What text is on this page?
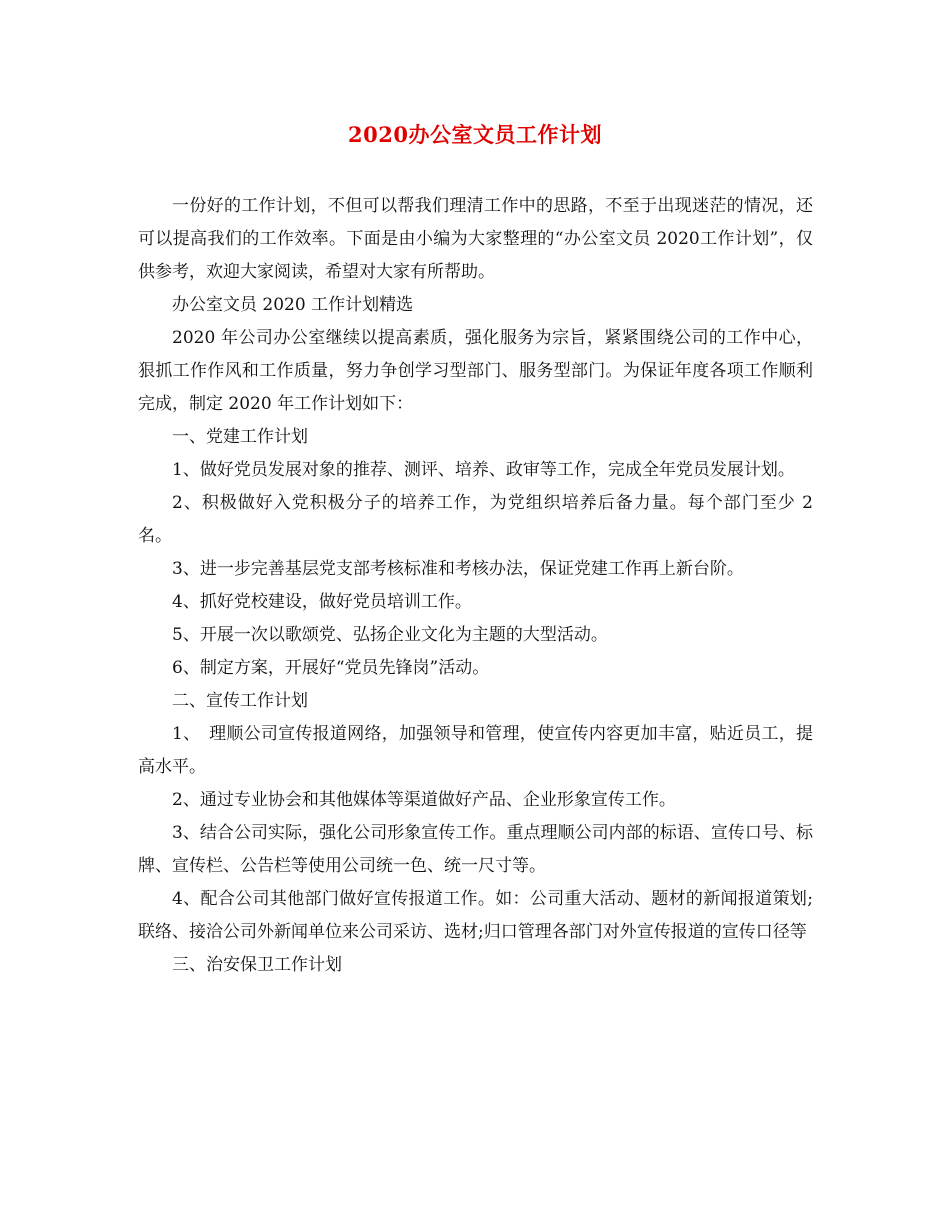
2020办公室文员工作计划

一份好的工作计划，不但可以帮我们理清工作中的思路，不至于出现迷茫的情况，还可以提高我们的工作效率。下面是由小编为大家整理的“办公室文员 2020工作计划”，仅供参考，欢迎大家阅读，希望对大家有所帮助。

办公室文员 2020 工作计划精选

2020 年公司办公室继续以提高素质，强化服务为宗旨，紧紧围绕公司的工作中心，狠抓工作作风和工作质量，努力争创学习型部门、服务型部门。为保证年度各项工作顺利完成，制定 2020 年工作计划如下：

一、党建工作计划

1、做好党员发展对象的推荐、测评、培养、政审等工作，完成全年党员发展计划。

2、积极做好入党积极分子的培养工作，为党组织培养后备力量。每个部门至少 2 名。

3、进一步完善基层党支部考核标准和考核办法，保证党建工作再上新台阶。

4、抓好党校建设，做好党员培训工作。

5、开展一次以歌颂党、弘扬企业文化为主题的大型活动。

6、制定方案，开展好“党员先锋岗”活动。

二、宣传工作计划

1、　理顺公司宣传报道网络，加强领导和管理，使宣传内容更加丰富，贴近员工，提高水平。

2、通过专业协会和其他媒体等渠道做好产品、企业形象宣传工作。

3、结合公司实际，强化公司形象宣传工作。重点理顺公司内部的标语、宣传口号、标牌、宣传栏、公告栏等使用公司统一色、统一尺寸等。

4、配合公司其他部门做好宣传报道工作。如：公司重大活动、题材的新闻报道策划;联络、接洽公司外新闻单位来公司采访、选材;归口管理各部门对外宣传报道的宣传口径等

三、治安保卫工作计划
